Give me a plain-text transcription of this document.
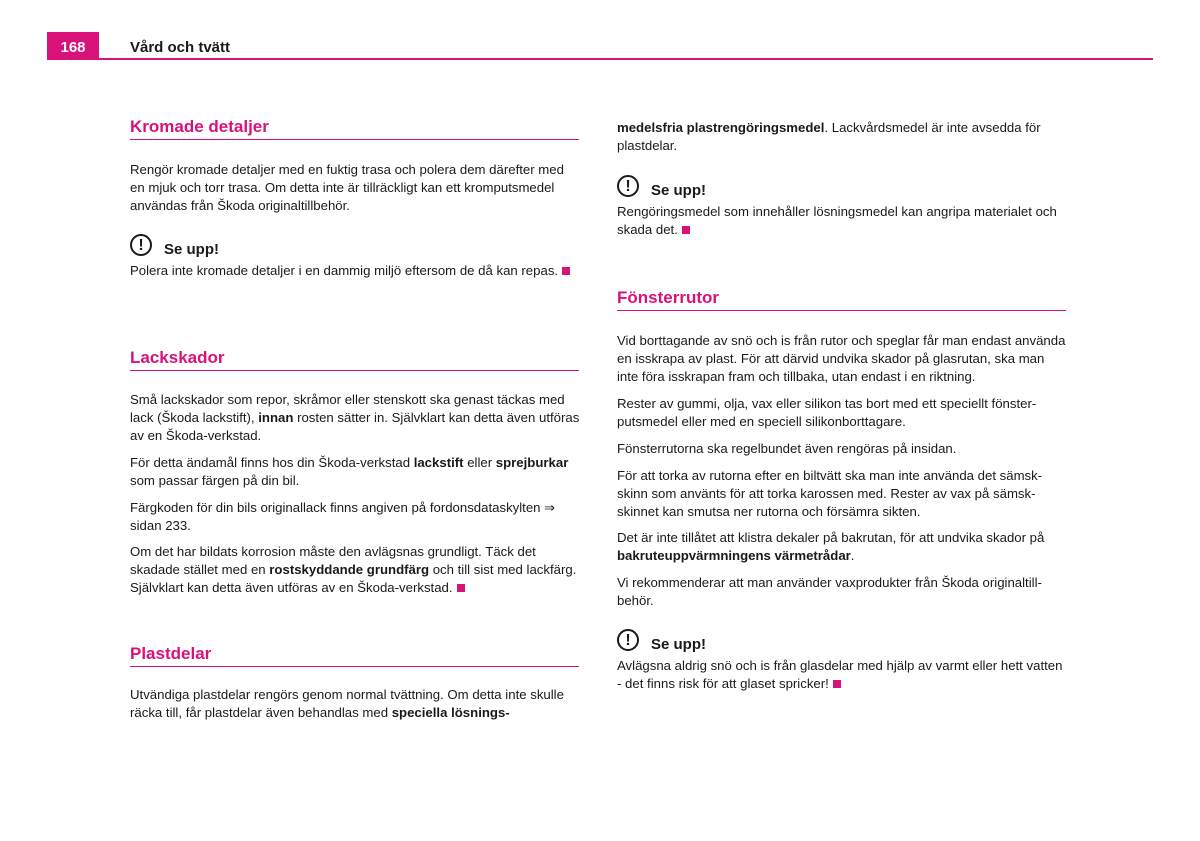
168	Vård och tvätt
Kromade detaljer

Rengör kromade detaljer med en fuktig trasa och polera dem därefter med en mjuk och torr trasa. Om detta inte är tillräckligt kan ett kromputsmedel användas från Škoda originaltillbehör.

!	Se upp!

Polera inte kromade detaljer i en dammig miljö eftersom de då kan repas.

Lackskador

Små lackskador som repor, skråmor eller stenskott ska genast täckas med lack (Škoda lackstift), innan rosten sätter in. Självklart kan detta även utföras av en Škoda-verkstad.

För detta ändamål finns hos din Škoda-verkstad lackstift eller sprejburkar som passar färgen på din bil.

Färgkoden för din bils originallack finns angiven på fordonsdataskylten ⇒ sidan 233.

Om det har bildats korrosion måste den avlägsnas grundligt. Täck det skadade stället med en rostskyddande grundfärg och till sist med lackfärg. Självklart kan detta även utföras av en Škoda-verkstad.

Plastdelar

Utvändiga plastdelar rengörs genom normal tvättning. Om detta inte skulle räcka till, får plastdelar även behandlas med speciella lösnings-

medelsfria plastrengöringsmedel. Lackvårdsmedel är inte avsedda för plastdelar.

!	Se upp!

Rengöringsmedel som innehåller lösningsmedel kan angripa materialet och skada det.

Fönsterrutor

Vid borttagande av snö och is från rutor och speglar får man endast använda en isskrapa av plast. För att därvid undvika skador på glasrutan, ska man inte föra isskrapan fram och tillbaka, utan endast i en riktning.

Rester av gummi, olja, vax eller silikon tas bort med ett speciellt fönsterputsmedel eller med en speciell silikonborttagare.

Fönsterrutorna ska regelbundet även rengöras på insidan.

För att torka av rutorna efter en biltvätt ska man inte använda det sämskskinn som använts för att torka karossen med. Rester av vax på sämskskinnet kan smutsa ner rutorna och försämra sikten.

Det är inte tillåtet att klistra dekaler på bakrutan, för att undvika skador på bakruteuppvärmningens värmetrådar.

Vi rekommenderar att man använder vaxprodukter från Škoda originaltillbehör.

!	Se upp!

Avlägsna aldrig snö och is från glasdelar med hjälp av varmt eller hett vatten - det finns risk för att glaset spricker!
